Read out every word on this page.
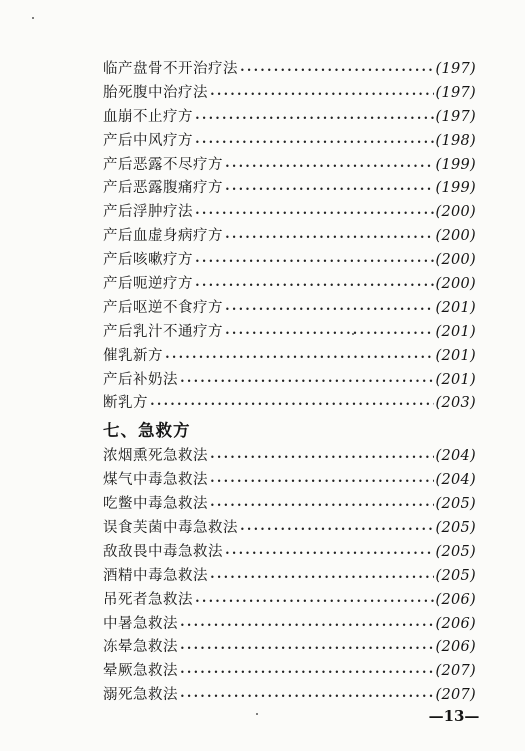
临产盘骨不开治疗法 •••••	(197)
胎死腹中治疗法 •••••	(197)
血崩不止疗方 •••••	(197)
产后中风疗方 •••••	(198)
产后恶露不尽疗方 •••••	(199)
产后恶露腹痛疗方 •••••	(199)
产后浮肿疗法 •••••	(200)
产后血虚身病疗方 •••••	(200)
产后咳嗽疗方 •••••	(200)
产后呃逆疗方 •••••	(200)
产后呕逆不食疗方 •••••	(201)
产后乳汁不通疗方 •••••	(201)
催乳新方 •••••	(201)
产后补奶法 •••••	(201)
断乳方 •••••	(203)
七、急救方
浓烟熏死急救法 •••••	(204)
煤气中毒急救法 •••••	(204)
吃鳖中毒急救法 •••••	(205)
误食芙菌中毒急救法 •••••	(205)
敌敌畏中毒急救法 •••••	(205)
酒精中毒急救法 •••••	(205)
吊死者急救法 •••••	(206)
中暑急救法 •••••	(206)
冻晕急救法 •••••	(206)
晕厥急救法 •••••	(207)
溺死急救法 •••••	(207)
—13—
